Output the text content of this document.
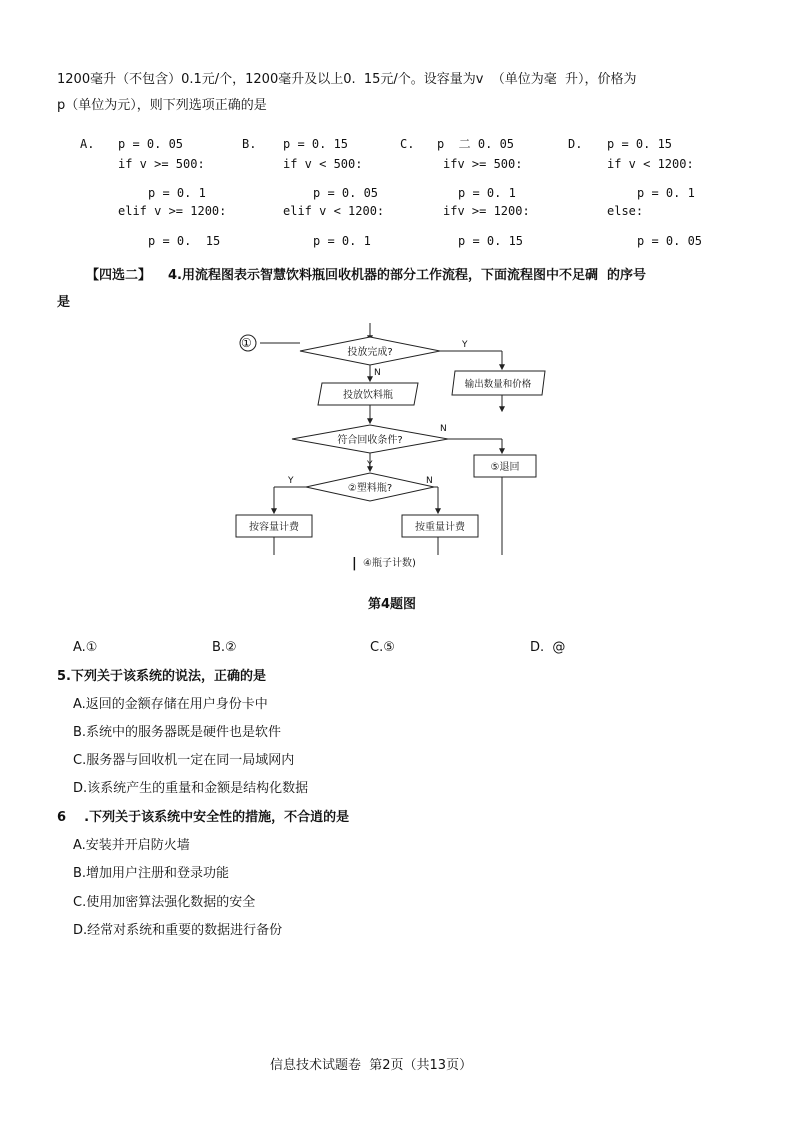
1200毫升（不包含）0.1元/个，1200毫升及以上0.  15元/个。设容量为v  （单位为毫  升），价格为
p（单位为元），则下列选项正确的是
A. p = 0. 05
if v >= 500:
p = 0. 1
elif v >= 1200:
p = 0.  15
B. p = 0. 15
if v < 500:
p = 0. 05
elif v < 1200:
p = 0. 1
C. p  二 0. 05
ifv >= 500:
p = 0. 1
ifv >= 1200:
p = 0. 15
D. p = 0. 15
if v < 1200:
p = 0. 1
else:
p = 0. 05
【四选二】 4.用流程图表示智慧饮料瓶回收机器的部分工作流程，下面流程图中不足碉  的序号
是
①
投放完成?
Y
N
输出数量和价格
投放饮料瓶
符合回收条件?
N
Y	⑤退回
②塑料瓶?
Y	N
按容量计费	按重量计费
| ④瓶子计数)
第4题图
A.①	B.②	C.⑤	D.  @
5.下列关于该系统的说法，正确的是
A.返回的金额存储在用户身份卡中
B.系统中的服务器既是硬件也是软件
C.服务器与回收机一定在同一局域网内
D.该系统产生的重量和金额是结构化数据
6    .下列关于该系统中安全性的措施，不合逍的是
A.安装并开启防火墙
B.增加用户注册和登录功能
C.使用加密算法强化数据的安全
D.经常对系统和重要的数据进行备份
信息技术试题卷  第2页（共13页）
